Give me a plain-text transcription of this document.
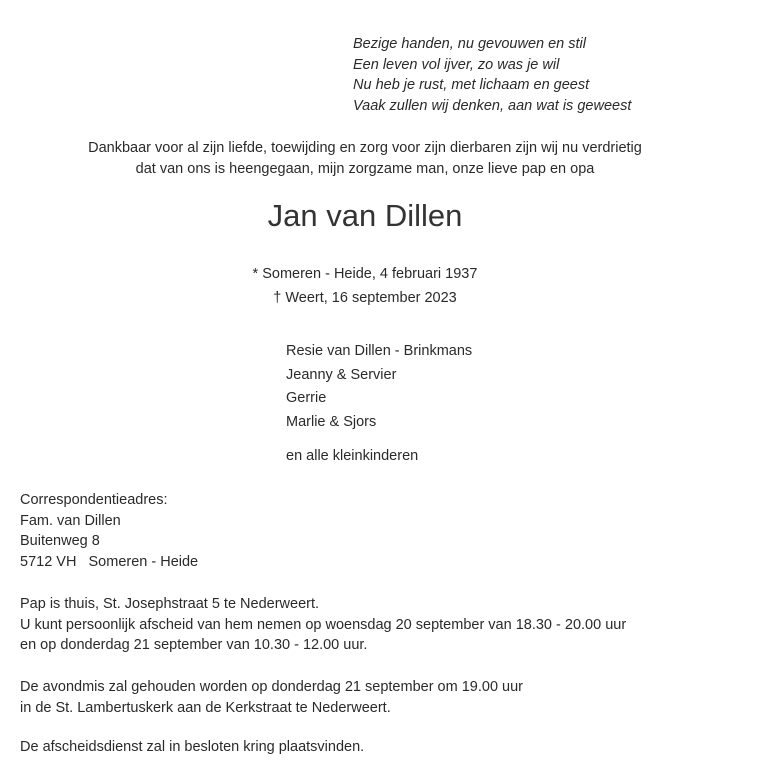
Bezige handen, nu gevouwen en stil
Een leven vol ijver, zo was je wil
Nu heb je rust, met lichaam en geest
Vaak zullen wij denken, aan wat is geweest
Dankbaar voor al zijn liefde, toewijding en zorg voor zijn dierbaren zijn wij nu verdrietig
dat van ons is heengegaan, mijn zorgzame man, onze lieve pap en opa
Jan van Dillen
* Someren - Heide, 4 februari 1937
† Weert, 16 september 2023
Resie van Dillen - Brinkmans
Jeanny & Servier
Gerrie
Marlie & Sjors
en alle kleinkinderen
Correspondentieadres:
Fam. van Dillen
Buitenweg 8
5712 VH   Someren - Heide
Pap is thuis, St. Josephstraat 5 te Nederweert.
U kunt persoonlijk afscheid van hem nemen op woensdag 20 september van 18.30 - 20.00 uur
en op donderdag 21 september van 10.30 - 12.00 uur.
De avondmis zal gehouden worden op donderdag 21 september om 19.00 uur
in de St. Lambertuskerk aan de Kerkstraat te Nederweert.
De afscheidsdienst zal in besloten kring plaatsvinden.
